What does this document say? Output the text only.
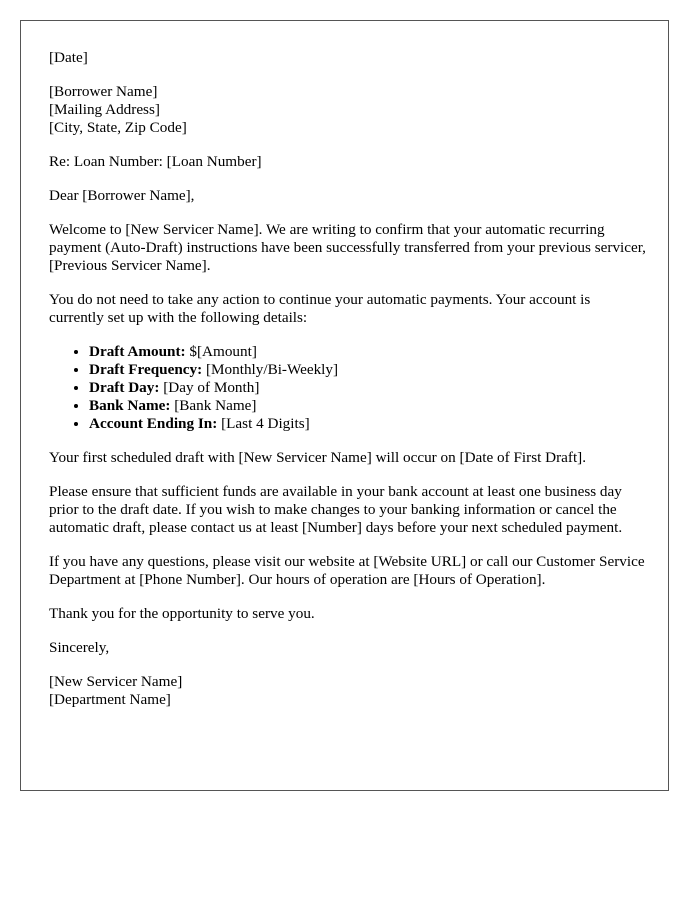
[Date]

[Borrower Name]
[Mailing Address]
[City, State, Zip Code]

Re: Loan Number: [Loan Number]

Dear [Borrower Name],

Welcome to [New Servicer Name]. We are writing to confirm that your automatic recurring payment (Auto-Draft) instructions have been successfully transferred from your previous servicer, [Previous Servicer Name].

You do not need to take any action to continue your automatic payments. Your account is currently set up with the following details:

• Draft Amount: $[Amount]
• Draft Frequency: [Monthly/Bi-Weekly]
• Draft Day: [Day of Month]
• Bank Name: [Bank Name]
• Account Ending In: [Last 4 Digits]

Your first scheduled draft with [New Servicer Name] will occur on [Date of First Draft].

Please ensure that sufficient funds are available in your bank account at least one business day prior to the draft date. If you wish to make changes to your banking information or cancel the automatic draft, please contact us at least [Number] days before your next scheduled payment.

If you have any questions, please visit our website at [Website URL] or call our Customer Service Department at [Phone Number]. Our hours of operation are [Hours of Operation].

Thank you for the opportunity to serve you.

Sincerely,

[New Servicer Name]
[Department Name]
